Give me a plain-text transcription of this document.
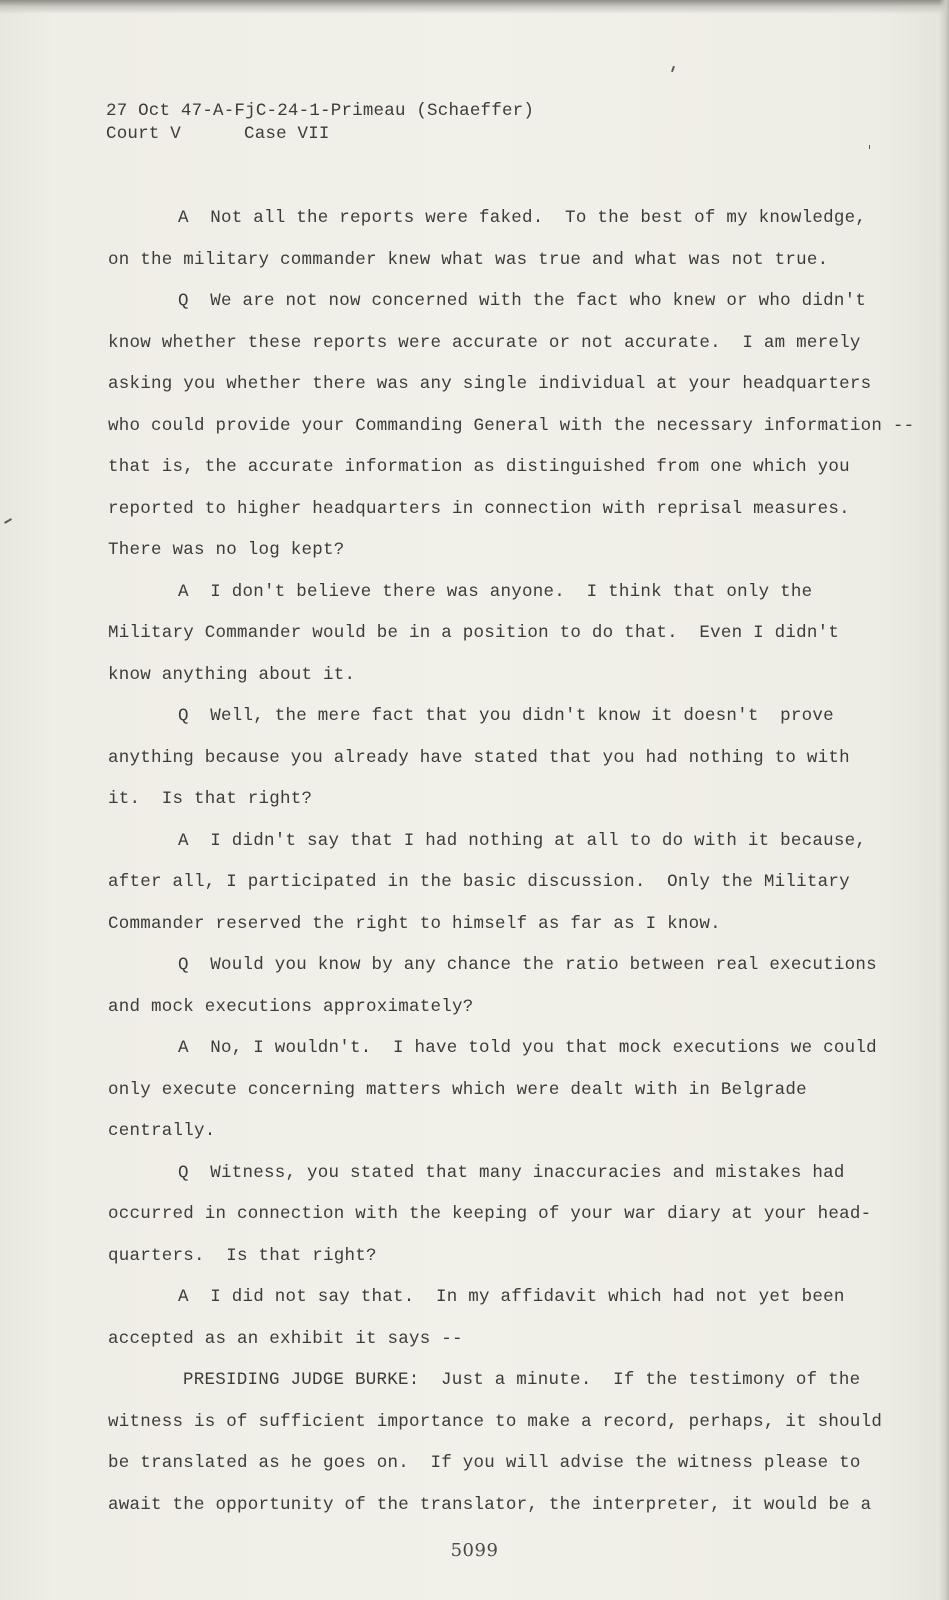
27 Oct 47-A-FjC-24-1-Primeau (Schaeffer)
Court V	Case VII
A  Not all the reports were faked.  To the best of my knowledge,
on the military commander knew what was true and what was not true.
Q  We are not now concerned with the fact who knew or who didn't
know whether these reports were accurate or not accurate.  I am merely
asking you whether there was any single individual at your headquarters
who could provide your Commanding General with the necessary information --
that is, the accurate information as distinguished from one which you
reported to higher headquarters in connection with reprisal measures.
There was no log kept?
A  I don't believe there was anyone.  I think that only the
Military Commander would be in a position to do that.  Even I didn't
know anything about it.
Q  Well, the mere fact that you didn't know it doesn't  prove
anything because you already have stated that you had nothing to with
it.  Is that right?
A  I didn't say that I had nothing at all to do with it because,
after all, I participated in the basic discussion.  Only the Military
Commander reserved the right to himself as far as I know.
Q  Would you know by any chance the ratio between real executions
and mock executions approximately?
A  No, I wouldn't.  I have told you that mock executions we could
only execute concerning matters which were dealt with in Belgrade
centrally.
Q  Witness, you stated that many inaccuracies and mistakes had
occurred in connection with the keeping of your war diary at your head-
quarters.  Is that right?
A  I did not say that.  In my affidavit which had not yet been
accepted as an exhibit it says --
PRESIDING JUDGE BURKE:  Just a minute.  If the testimony of the
witness is of sufficient importance to make a record, perhaps, it should
be translated as he goes on.  If you will advise the witness please to
await the opportunity of the translator, the interpreter, it would be a
5099
